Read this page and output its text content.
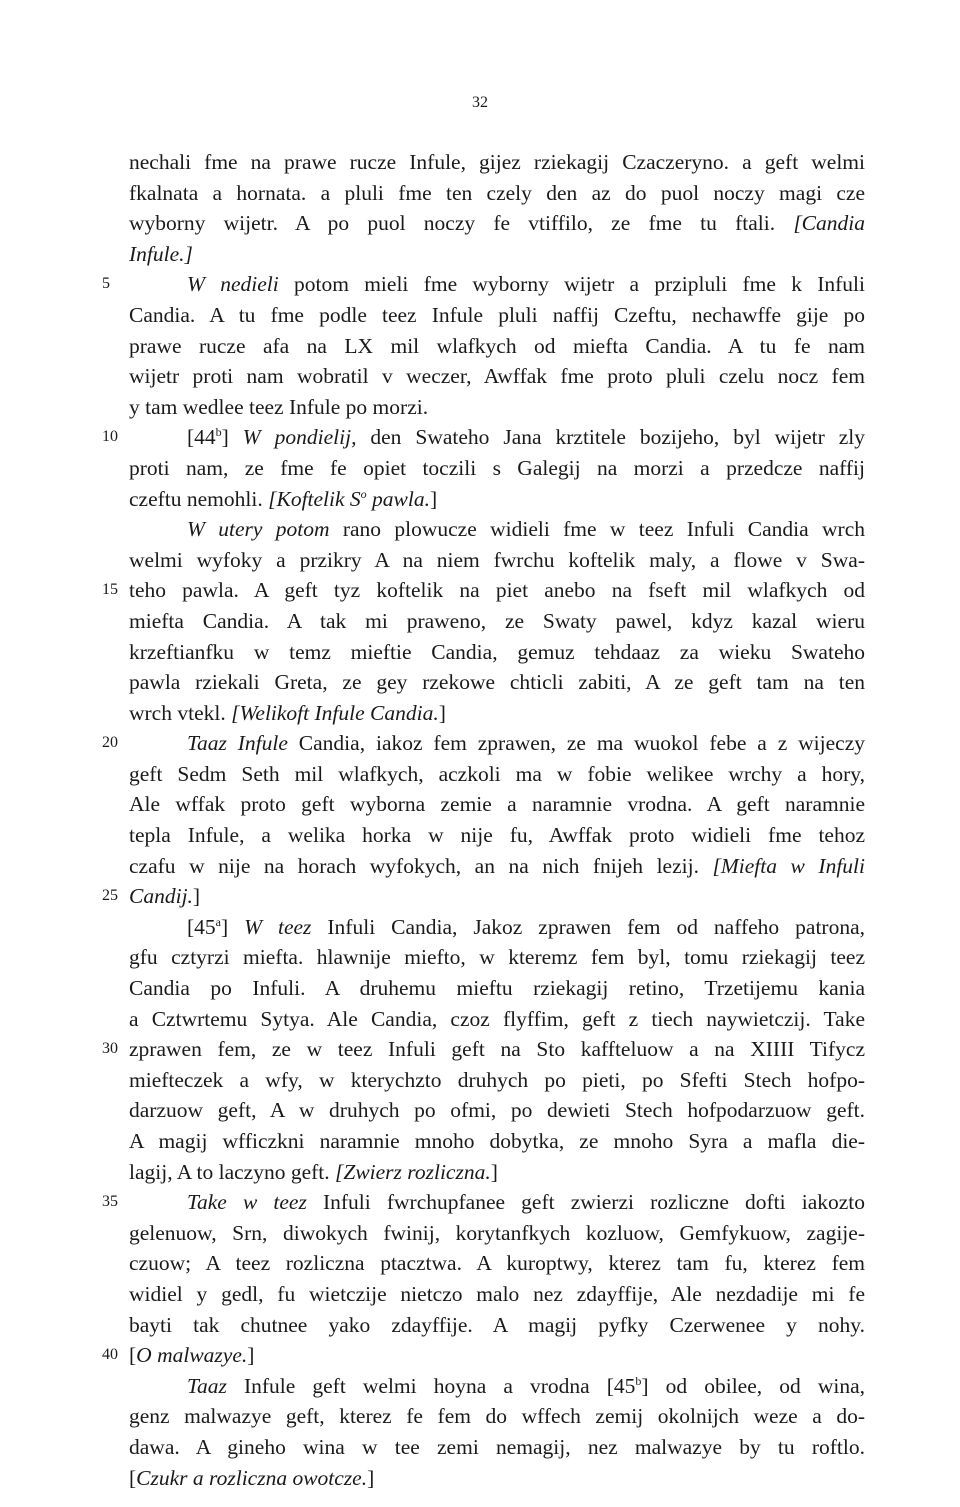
32
nechali fme na prawe rucze Infule, gijez rziekagij Czaczeryno. a geft welmi
fkalnata a hornata. a pluli fme ten czely den az do puol noczy magi cze
wyborny wijetr. A po puol noczy fe vtiffilo, ze fme tu ftali. [Candia
Infule.]
5	W nedieli potom mieli fme wyborny wijetr a przipluli fme k Infuli
Candia. A tu fme podle teez Infule pluli naffij Czeftu, nechawffe gije po
prawe rucze afa na LX mil wlafkych od miefta Candia. A tu fe nam
wijetr proti nam wobratil v weczer, Awffak fme proto pluli czelu nocz fem
y tam wedlee teez Infule po morzi.
10	[44$^b$] W pondielij, den Swateho Jana krztitele bozijeho, byl wijetr zly
proti nam, ze fme fe opiet toczili s Galegij na morzi a przedcze naffij
czeftu nemohli. [Koftelik $S^o$ pawla.]
W utery potom rano plowucze widieli fme w teez Infuli Candia wrch
welmi wyfoky a przikry A na niem fwrchu koftelik maly, a flowe v Swa-
15 teho pawla. A geft tyz koftelik na piet anebo na fseft mil wlafkych od
miefta Candia. A tak mi praweno, ze Swaty pawel, kdyz kazal wieru
krzeftianfku w temz mieftie Candia, gemuz tehdaaz za wieku Swateho
pawla rziekali Greta, ze gey rzekowe chticli zabiti, A ze geft tam na ten
wrch vtekl. [Welikoft Infule Candia.]
20	Taaz Infule Candia, iakoz fem zprawen, ze ma wuokol febe a z wijeczy
geft Sedm Seth mil wlafkych, aczkoli ma w fobie welikee wrchy a hory,
Ale wffak proto geft wyborna zemie a naramnie vrodna. A geft naramnie
tepla Infule, a welika horka w nije fu, Awffak proto widieli fme tehoz
czafu w nije na horach wyfokych, an na nich fnijeh lezij. [Miefta w Infuli
25 Candij.]
[45$^a$] W teez Infuli Candia, Jakoz zprawen fem od naffeho patrona,
gfu cztyrzi miefta. hlawnije miefto, w kteremz fem byl, tomu rziekagij teez
Candia po Infuli. A druhemu mieftu rziekagij retino, Trzetijemu kania
a Cztwrtemu Sytya. Ale Candia, czoz flyffim, geft z tiech naywietczij. Take
30 zprawen fem, ze w teez Infuli geft na Sto kaffteluow a na XIIII Tifycz
miefteczek a wfy, w kterychzto druhych po pieti, po Sfefti Stech hofpo-
darzuow geft, A w druhych po ofmi, po dewieti Stech hofpodarzuow geft.
A magij wfficzkni naramnie mnoho dobytka, ze mnoho Syra a mafla die-
lagij, A to laczyno geft. [Zwierz rozliczna.]
35	Take w teez Infuli fwrchupfanee geft zwierzi rozliczne dofti iakozto
gelenuow, Srn, diwokych fwinij, korytanfkych kozluow, Gemfykuow, zagije-
czuow; A teez rozliczna ptacztwa. A kuroptwy, kterez tam fu, kterez fem
widiel y gedl, fu wietczije nietczo malo nez zdayffije, Ale nezdadije mi fe
bayti tak chutnee yako zdayffije. A magij pyfky Czerwenee y nohy.
40 [O malwazye.]
Taaz Infule geft welmi hoyna a vrodna [45$^b$] od obilee, od wina,
genz malwazye geft, kterez fe fem do wffech zemij okolnijch weze a do-
dawa. A gineho wina w tee zemi nemagij, nez malwazye by tu roftlo.
[Czukr a rozliczna owotcze.]
